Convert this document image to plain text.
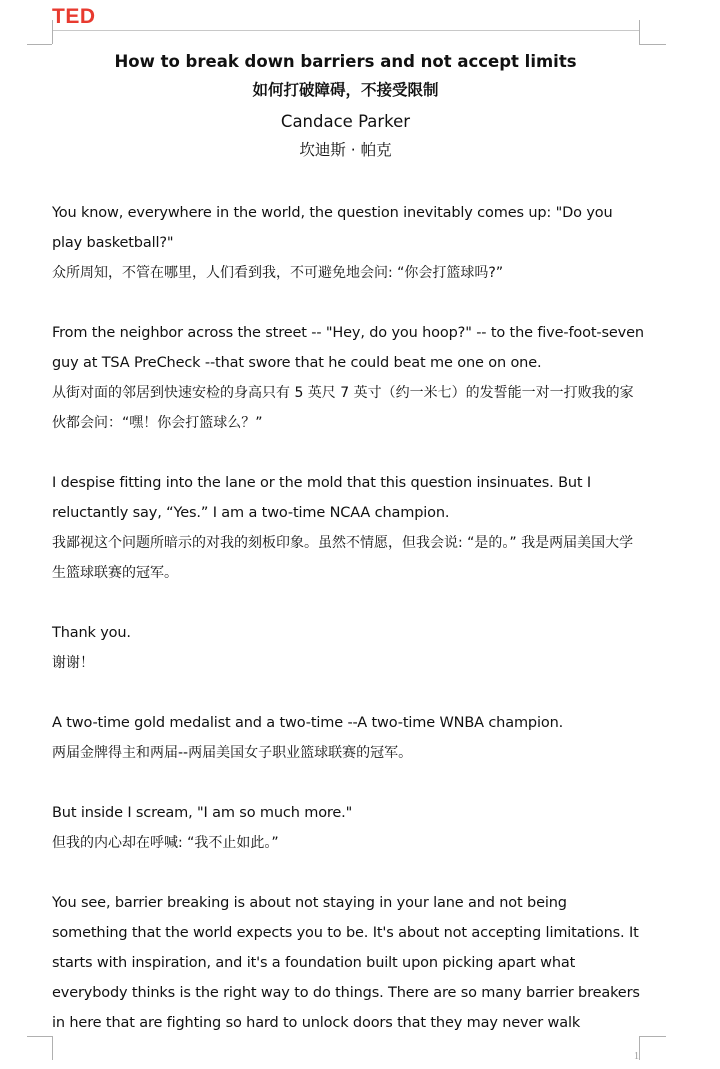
TED
How to break down barriers and not accept limits
如何打破障碍，不接受限制
Candace Parker
坎迪斯 · 帕克

You know, everywhere in the world, the question inevitably comes up: "Do you play basketball?"

众所周知，不管在哪里，人们看到我，不可避免地会问: “你会打篮球吗?”

From the neighbor across the street -- "Hey, do you hoop?" -- to the five-foot-seven guy at TSA PreCheck --that swore that he could beat me one on one.

从街对面的邻居到快速安检的身高只有 5 英尺 7 英寸（约一米七）的发誓能一对一打败我的家伙都会问：“嘿！你会打篮球么？”

I despise fitting into the lane or the mold that this question insinuates. But I reluctantly say, “Yes.” I am a two-time NCAA champion.

我鄙视这个问题所暗示的对我的刻板印象。虽然不情愿，但我会说: “是的。” 我是两届美国大学生篮球联赛的冠军。

Thank you.

谢谢！

A two-time gold medalist and a two-time --A two-time WNBA champion.

两届金牌得主和两届--两届美国女子职业篮球联赛的冠军。

But inside I scream, "I am so much more."

但我的内心却在呼喊: “我不止如此。”

You see, barrier breaking is about not staying in your lane and not being something that the world expects you to be. It's about not accepting limitations. It starts with inspiration, and it's a foundation built upon picking apart what everybody thinks is the right way to do things. There are so many barrier breakers in here that are fighting so hard to unlock doors that they may never walk

1
